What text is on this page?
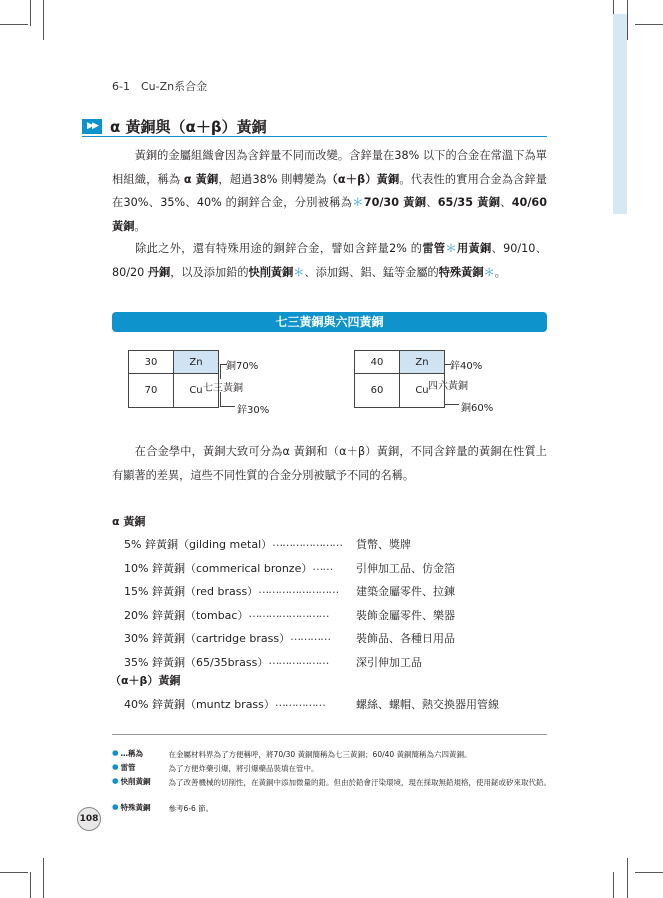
6-1　Cu-Zn系合金
▶▶ α 黃銅與（α＋β）黃銅
　　黃銅的金屬組織會因為含鋅量不同而改變。含鋅量在38% 以下的合金在常溫下為單相組織，稱為 α 黃銅，超過38% 則轉變為（α＋β）黃銅。代表性的實用合金為含鋅量在30%、35%、40% 的銅鋅合金，分別被稱為＊70/30 黃銅、65/35 黃銅、40/60 黃銅。
　　除此之外，還有特殊用途的銅鋅合金，譬如含鋅量2% 的雷管＊用黃銅、90/10、80/20 丹銅，以及添加鉛的快削黃銅＊、添加錫、鋁、錳等金屬的特殊黃銅＊。
七三黃銅與六四黃銅
30	Zn
70	Cu
銅70%
七三黃銅
鋅30%
40	Zn
60	Cu
鋅40%
四六黃銅
銅60%
　　在合金學中，黃銅大致可分為α 黃銅和（α＋β）黃銅，不同含鋅量的黃銅在性質上有顯著的差異，這些不同性質的合金分別被賦予不同的名稱。
α 黃銅
5% 鋅黃銅（gilding metal） ………………… 貨幣、獎牌
10% 鋅黃銅（commerical bronze） …… 引伸加工品、仿金箔
15% 鋅黃銅（red brass） …………………… 建築金屬零件、拉鍊
20% 鋅黃銅（tombac） ……………………	裝飾金屬零件、樂器
30% 鋅黃銅（cartridge brass） ………… 裝飾品、各種日用品
35% 鋅黃銅（65/35brass） ………………	深引伸加工品
（α＋β）黃銅
40% 鋅黃銅（muntz brass） ……………	螺絲、螺帽、熱交換器用管線
● …稱為	在金屬材料界為了方便稱呼，將70/30 黃銅簡稱為七三黃銅；60/40 黃銅簡稱為六四黃銅。
● 雷管	為了方便炸藥引爆，將引爆藥品裝填在管中。
● 快削黃銅	為了改善機械的切削性，在黃銅中添加微量的鉛。但由於鉛會汙染環境，現在採取無鉛規格，使用鉍或矽來取代鉛。
● 特殊黃銅	參考6-6 節。
108
